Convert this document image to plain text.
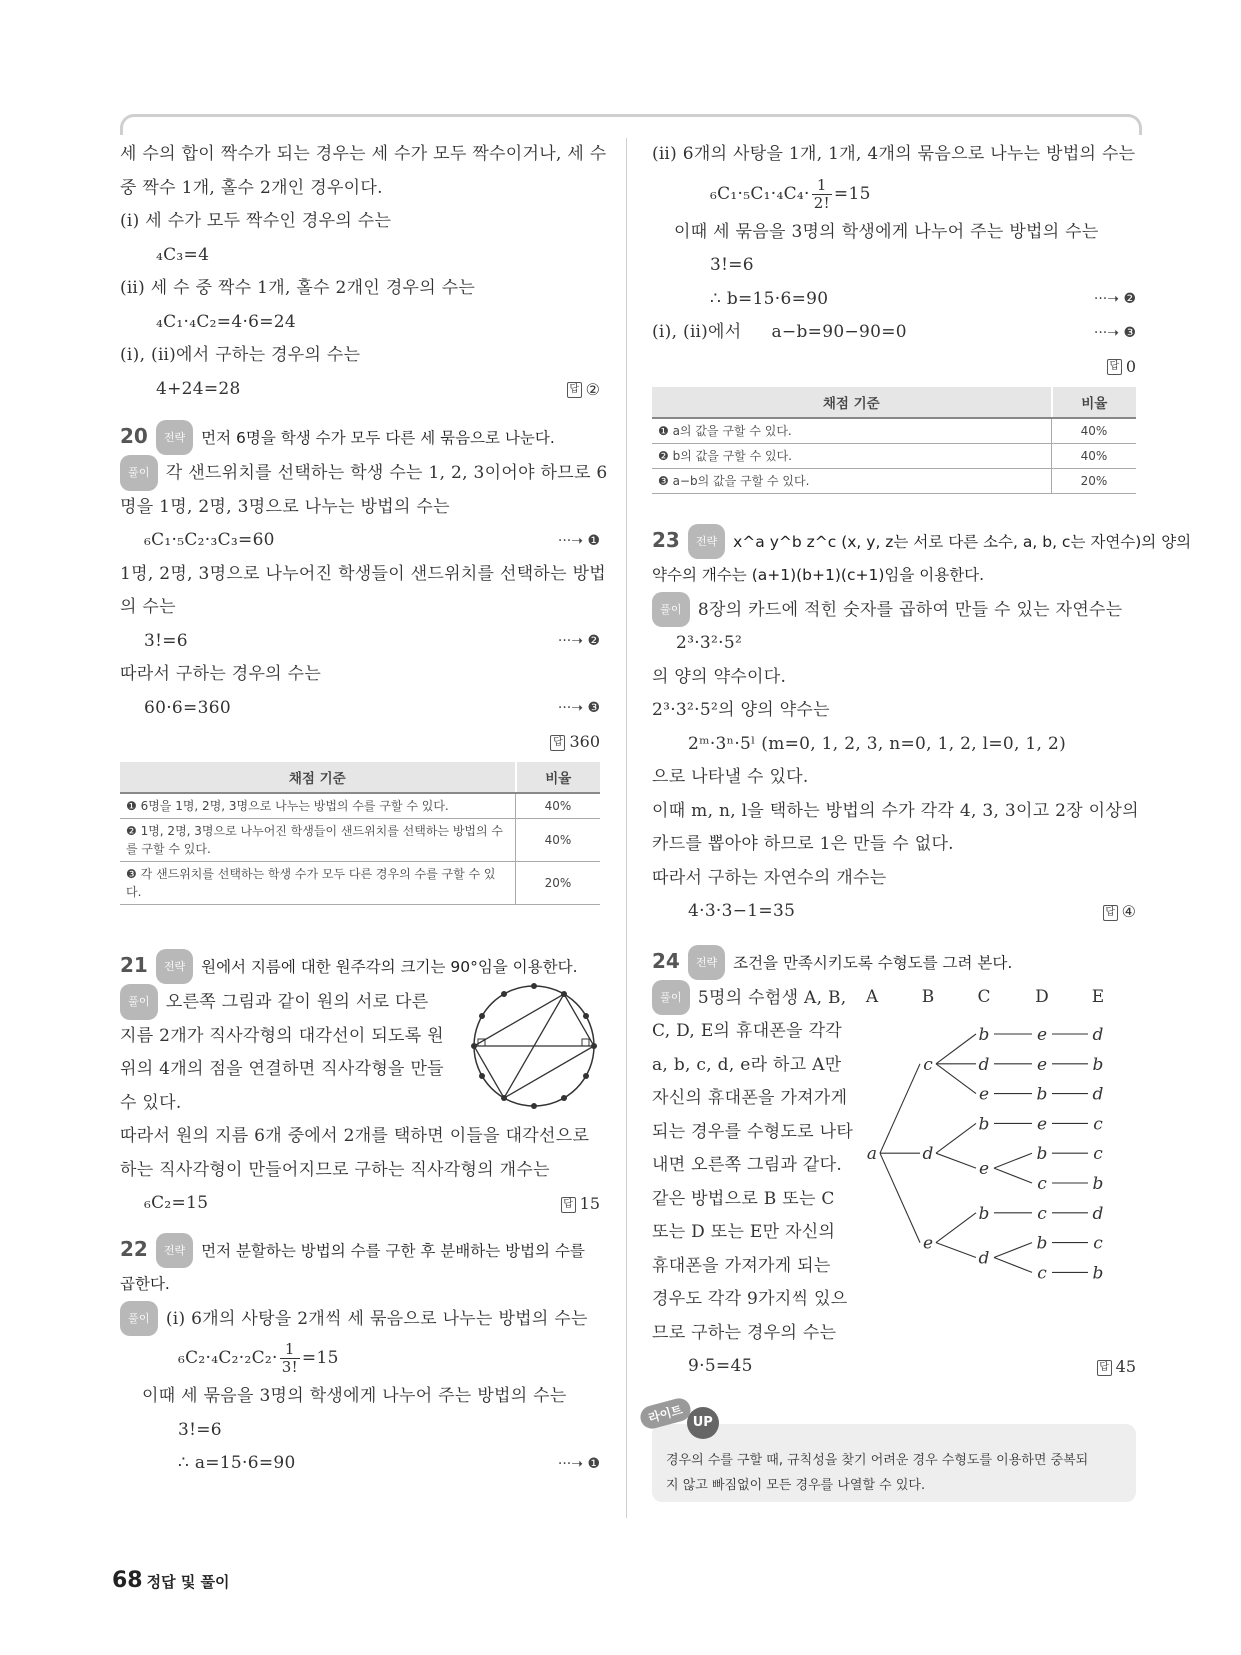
세 수의 합이 짝수가 되는 경우는 세 수가 모두 짝수이거나, 세 수
중 짝수 1개, 홀수 2개인 경우이다.
(ⅰ) 세 수가 모두 짝수인 경우의 수는
₄C₃=4
(ⅱ) 세 수 중 짝수 1개, 홀수 2개인 경우의 수는
₄C₁·₄C₂=4·6=24
(ⅰ), (ⅱ)에서 구하는 경우의 수는
4+24=28	답 ②
20 전략 먼저 6명을 학생 수가 모두 다른 세 묶음으로 나눈다.
풀이 각 샌드위치를 선택하는 학생 수는 1, 2, 3이어야 하므로 6
명을 1명, 2명, 3명으로 나누는 방법의 수는
₆C₁·₅C₂·₃C₃=60	···➝ ❶
1명, 2명, 3명으로 나누어진 학생들이 샌드위치를 선택하는 방법
의 수는
3!=6	···➝ ❷
따라서 구하는 경우의 수는
60·6=360	···➝ ❸
답 360
채점 기준	비율
❶ 6명을 1명, 2명, 3명으로 나누는 방법의 수를 구할 수 있다.	40%
❷ 1명, 2명, 3명으로 나누어진 학생들이 샌드위치를 선택하는 방법의 수를 구할 수 있다.	40%
❸ 각 샌드위치를 선택하는 학생 수가 모두 다른 경우의 수를 구할 수 있다.	20%
21 전략 원에서 지름에 대한 원주각의 크기는 90°임을 이용한다.
풀이 오른쪽 그림과 같이 원의 서로 다른
지름 2개가 직사각형의 대각선이 되도록 원
위의 4개의 점을 연결하면 직사각형을 만들
수 있다.
따라서 원의 지름 6개 중에서 2개를 택하면 이들을 대각선으로
하는 직사각형이 만들어지므로 구하는 직사각형의 개수는
₆C₂=15	답 15
22 전략 먼저 분할하는 방법의 수를 구한 후 분배하는 방법의 수를
곱한다.
풀이 (ⅰ) 6개의 사탕을 2개씩 세 묶음으로 나누는 방법의 수는
$_6C_2\cdot_4C_2\cdot_2C_2\cdot \frac{1}{3!} =15$
이때 세 묶음을 3명의 학생에게 나누어 주는 방법의 수는
3!=6
∴ a=15·6=90	···➝ ❶
(ⅱ) 6개의 사탕을 1개, 1개, 4개의 묶음으로 나누는 방법의 수는
$_6C_1\cdot_5C_1\cdot_4C_4\cdot \frac{1}{2!} =15$
이때 세 묶음을 3명의 학생에게 나누어 주는 방법의 수는
3!=6
∴ b=15·6=90	···➝ ❷
(ⅰ), (ⅱ)에서 a−b=90−90=0	···➝ ❸
답 0
채점 기준	비율
❶ a의 값을 구할 수 있다.	40%
❷ b의 값을 구할 수 있다.	40%
❸ a−b의 값을 구할 수 있다.	20%
23 전략 x^a y^b z^c (x, y, z는 서로 다른 소수, a, b, c는 자연수)의 양의
약수의 개수는 (a+1)(b+1)(c+1)임을 이용한다.
풀이 8장의 카드에 적힌 숫자를 곱하여 만들 수 있는 자연수는
2³·3²·5²
의 양의 약수이다.
2³·3²·5²의 양의 약수는
2ᵐ·3ⁿ·5ˡ (m=0, 1, 2, 3, n=0, 1, 2, l=0, 1, 2)
으로 나타낼 수 있다.
이때 m, n, l을 택하는 방법의 수가 각각 4, 3, 3이고 2장 이상의
카드를 뽑아야 하므로 1은 만들 수 없다.
따라서 구하는 자연수의 개수는
4·3·3−1=35	답 ④
24 전략 조건을 만족시키도록 수형도를 그려 본다.
풀이 5명의 수험생 A, B,
C, D, E의 휴대폰을 각각
a, b, c, d, e라 하고 A만
자신의 휴대폰을 가져가게
되는 경우를 수형도로 나타
내면 오른쪽 그림과 같다.
같은 방법으로 B 또는 C
또는 D 또는 E만 자신의
휴대폰을 가져가게 되는
경우도 각각 9가지씩 있으
므로 구하는 경우의 수는
9·5=45	답 45
A	B	C	D	E
a
c
d
e
b
d
e
e	d
e	b
b	d
b
e
e	c
b	c
c	b
b
d
c	d
b	c
c	b
경우의 수를 구할 때, 규칙성을 찾기 어려운 경우 수형도를 이용하면 중복되
지 않고 빠짐없이 모든 경우를 나열할 수 있다.
라이트 UP
68 정답 및 풀이
